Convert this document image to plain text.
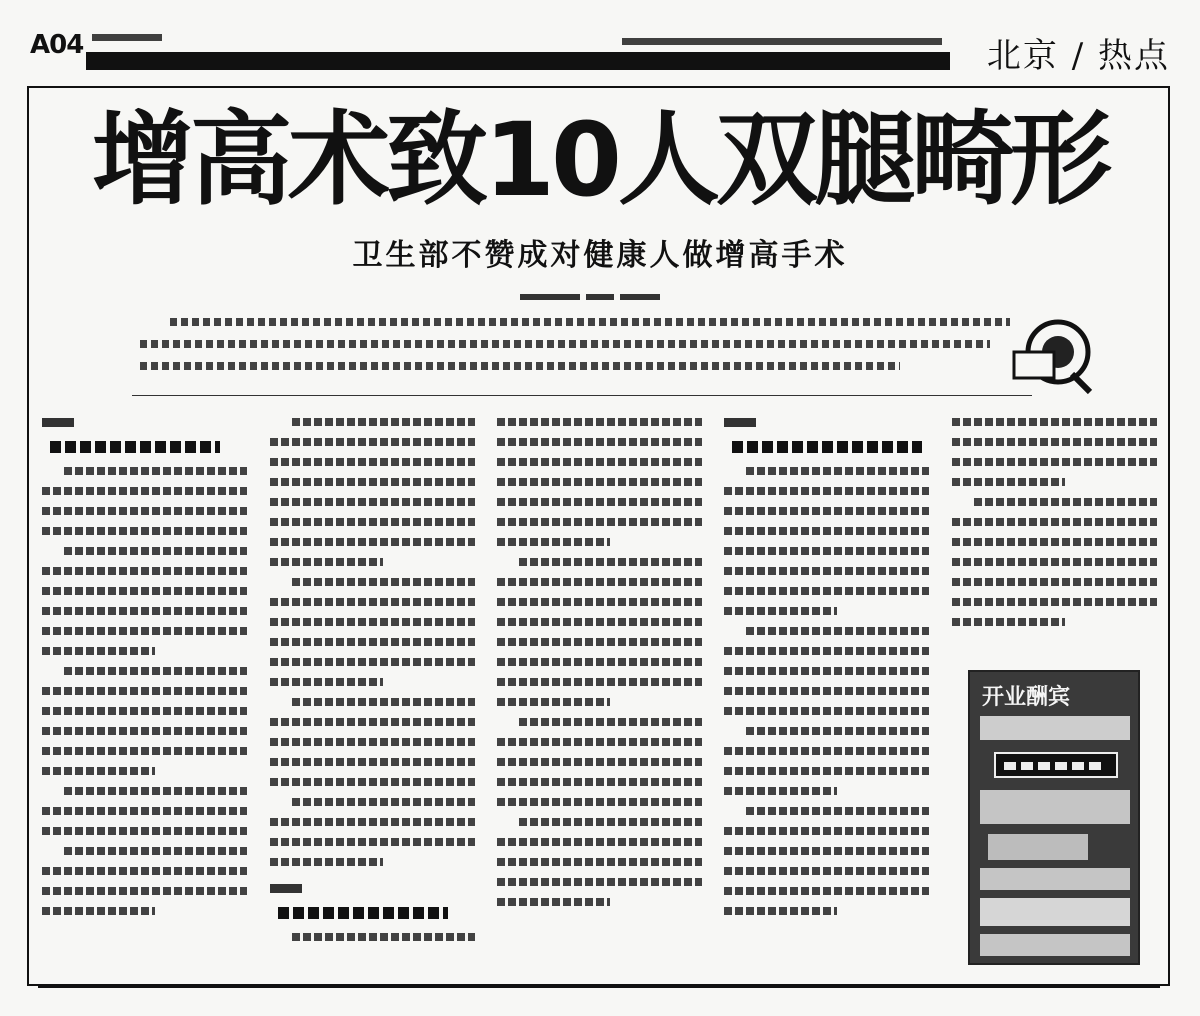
A04	北京 / 热点
增高术致10人双腿畸形
卫生部不赞成对健康人做增高手术
开业酬宾
